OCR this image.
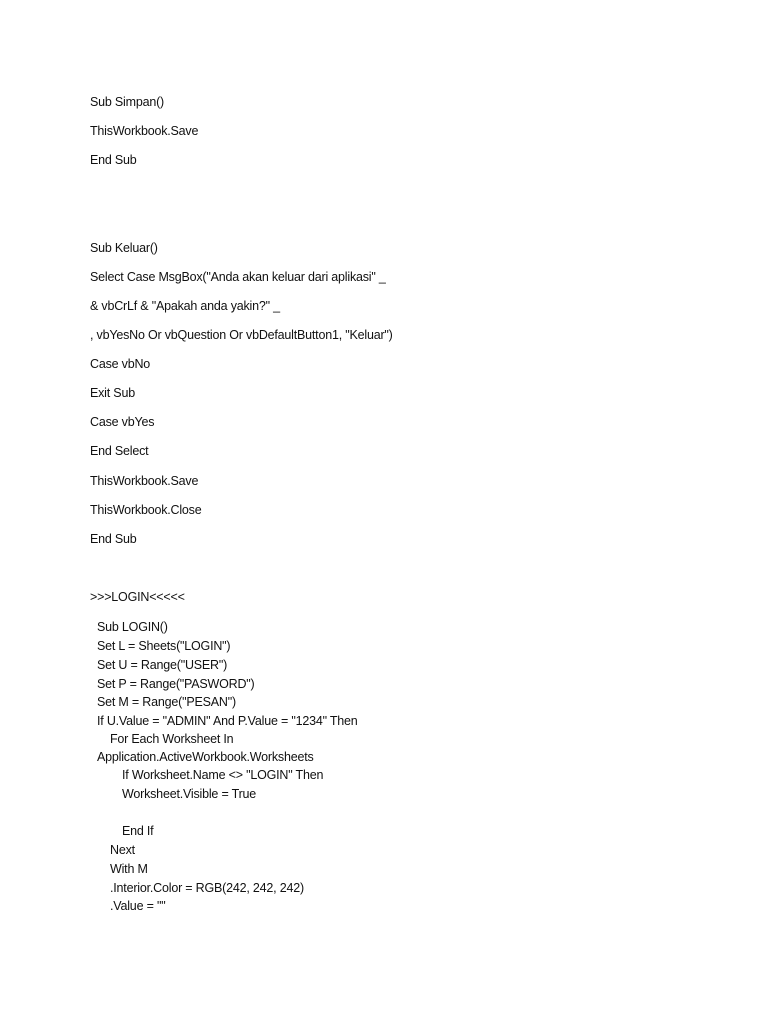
Sub Simpan()
ThisWorkbook.Save
End Sub
Sub Keluar()
Select Case MsgBox("Anda akan keluar dari aplikasi" _
& vbCrLf & "Apakah anda yakin?" _
, vbYesNo Or vbQuestion Or vbDefaultButton1, "Keluar")
Case vbNo
Exit Sub
Case vbYes
End Select
ThisWorkbook.Save
ThisWorkbook.Close
End Sub
>>>LOGIN<<<<<
Sub LOGIN()
Set L = Sheets("LOGIN")
Set U = Range("USER")
Set P = Range("PASWORD")
Set M = Range("PESAN")
If U.Value = "ADMIN" And P.Value = "1234" Then
For Each Worksheet In
Application.ActiveWorkbook.Worksheets
If Worksheet.Name <> "LOGIN" Then
Worksheet.Visible = True
End If
Next
With M
.Interior.Color = RGB(242, 242, 242)
.Value = ""
